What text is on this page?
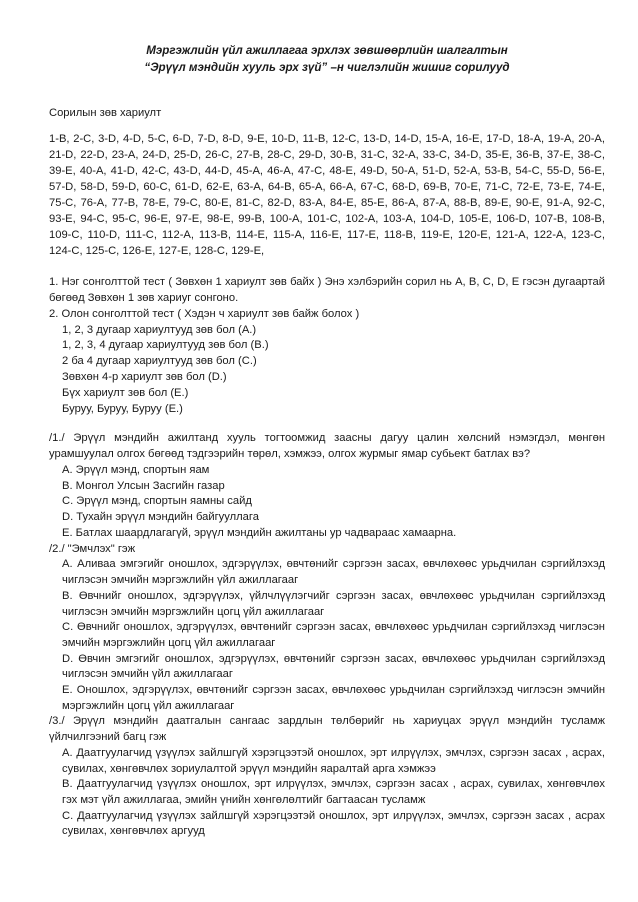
Мэргэжлийн үйл ажиллагаа эрхлэх зөвшөөрлийн шалгалтын
“Эрүүл мэндийн хууль эрх зүй” –н чиглэлийн жишиг сорилууд
Сорилын зөв хариулт
1-В, 2-С, 3-D, 4-D, 5-С, 6-D, 7-D, 8-D, 9-Е, 10-D, 11-В, 12-С, 13-D, 14-D, 15-А, 16-Е, 17-D, 18-А, 19-А, 20-А, 21-D, 22-D, 23-А, 24-D, 25-D, 26-С, 27-В, 28-С, 29-D, 30-В, 31-С, 32-А, 33-С, 34-D, 35-Е, 36-В, 37-Е, 38-С, 39-Е, 40-А, 41-D, 42-С, 43-D, 44-D, 45-А, 46-А, 47-С, 48-Е, 49-D, 50-А, 51-D, 52-А, 53-В, 54-С, 55-D, 56-Е, 57-D, 58-D, 59-D, 60-С, 61-D, 62-Е, 63-А, 64-В, 65-А, 66-А, 67-С, 68-D, 69-В, 70-Е, 71-С, 72-Е, 73-Е, 74-Е, 75-С, 76-А, 77-В, 78-Е, 79-С, 80-Е, 81-С, 82-D, 83-А, 84-Е, 85-Е, 86-А, 87-А, 88-В, 89-Е, 90-Е, 91-А, 92-С, 93-Е, 94-С, 95-С, 96-Е, 97-Е, 98-Е, 99-В, 100-А, 101-С, 102-А, 103-А, 104-D, 105-Е, 106-D, 107-В, 108-В, 109-С, 110-D, 111-С, 112-А, 113-В, 114-Е, 115-А, 116-Е, 117-Е, 118-В, 119-Е, 120-Е, 121-А, 122-А, 123-С, 124-С, 125-С, 126-Е, 127-Е, 128-С, 129-Е,
1. Нэг сонголттой тест ( Зөвхөн 1 хариулт зөв байх ) Энэ хэлбэрийн сорил нь A, B, C, D, E гэсэн дугаартай бөгөөд Зөвхөн 1 зөв хариуг сонгоно.
2. Олон сонголттой тест ( Хэдэн ч хариулт зөв байж болох )
1, 2, 3 дугаар хариултууд зөв бол (A.)
1, 2, 3, 4 дугаар хариултууд зөв бол (B.)
2 ба 4 дугаар хариултууд зөв бол (C.)
Зөвхөн 4-р хариулт зөв бол (D.)
Бүх хариулт зөв бол (E.)
Буруу, Буруу, Буруу (E.)
/1./ Эрүүл мэндийн ажилтанд хууль тогтоомжид заасны дагуу цалин хөлсний нэмэгдэл, мөнгөн урамшуулал олгох бөгөөд тэдгээрийн төрөл, хэмжээ, олгох журмыг ямар субьект батлах вэ?
A. Эрүүл мэнд, спортын яам
B. Монгол Улсын Засгийн газар
C. Эрүүл мэнд, спортын яамны сайд
D. Тухайн эрүүл мэндийн байгууллага
E. Батлах шаардлагагүй, эрүүл мэндийн ажилтаны ур чадвараас хамаарна.
/2./ "Эмчлэх" гэж
A. Аливаа эмгэгийг оношлох, эдгэрүүлэх, өвчтөнийг сэргээн засах, өвчлөхөөс урьдчилан сэргийлэхэд чиглэсэн эмчийн мэргэжлийн үйл ажиллагааг
B. Өвчнийг оношлох, эдгэрүүлэх, үйлчлүүлэгчийг сэргээн засах, өвчлөхөөс урьдчилан сэргийлэхэд чиглэсэн эмчийн мэргэжлийн цогц үйл ажиллагааг
C. Өвчнийг оношлох, эдгэрүүлэх, өвчтөнийг сэргээн засах, өвчлөхөөс урьдчилан сэргийлэхэд чиглэсэн эмчийн мэргэжлийн цогц үйл ажиллагааг
D. Өвчин эмгэгийг оношлох, эдгэрүүлэх, өвчтөнийг сэргээн засах, өвчлөхөөс урьдчилан сэргийлэхэд чиглэсэн эмчийн үйл ажиллагааг
E. Оношлох, эдгэрүүлэх, өвчтөнийг сэргээн засах, өвчлөхөөс урьдчилан сэргийлэхэд чиглэсэн эмчийн мэргэжлийн цогц үйл ажиллагааг
/3./ Эрүүл мэндийн даатгалын сангаас зардлын төлбөрийг нь хариуцах эрүүл мэндийн тусламж үйлчилгээний багц гэж
A. Даатгуулагчид үзүүлэх зайлшгүй хэрэгцээтэй оношлох, эрт илрүүлэх, эмчлэх, сэргээн засах , асрах, сувилах, хөнгөвчлөх зориулалтой эрүүл мэндийн яаралтай арга хэмжээ
B. Даатгуулагчид үзүүлэх оношлох, эрт илрүүлэх, эмчлэх, сэргээн засах , асрах, сувилах, хөнгөвчлөх гэх мэт үйл ажиллагаа, эмийн үнийн хөнгөлөлтийг багтаасан тусламж
C. Даатгуулагчид үзүүлэх зайлшгүй хэрэгцээтэй оношлох, эрт илрүүлэх, эмчлэх, сэргээн засах , асрах сувилах, хөнгөвчлөх аргууд
